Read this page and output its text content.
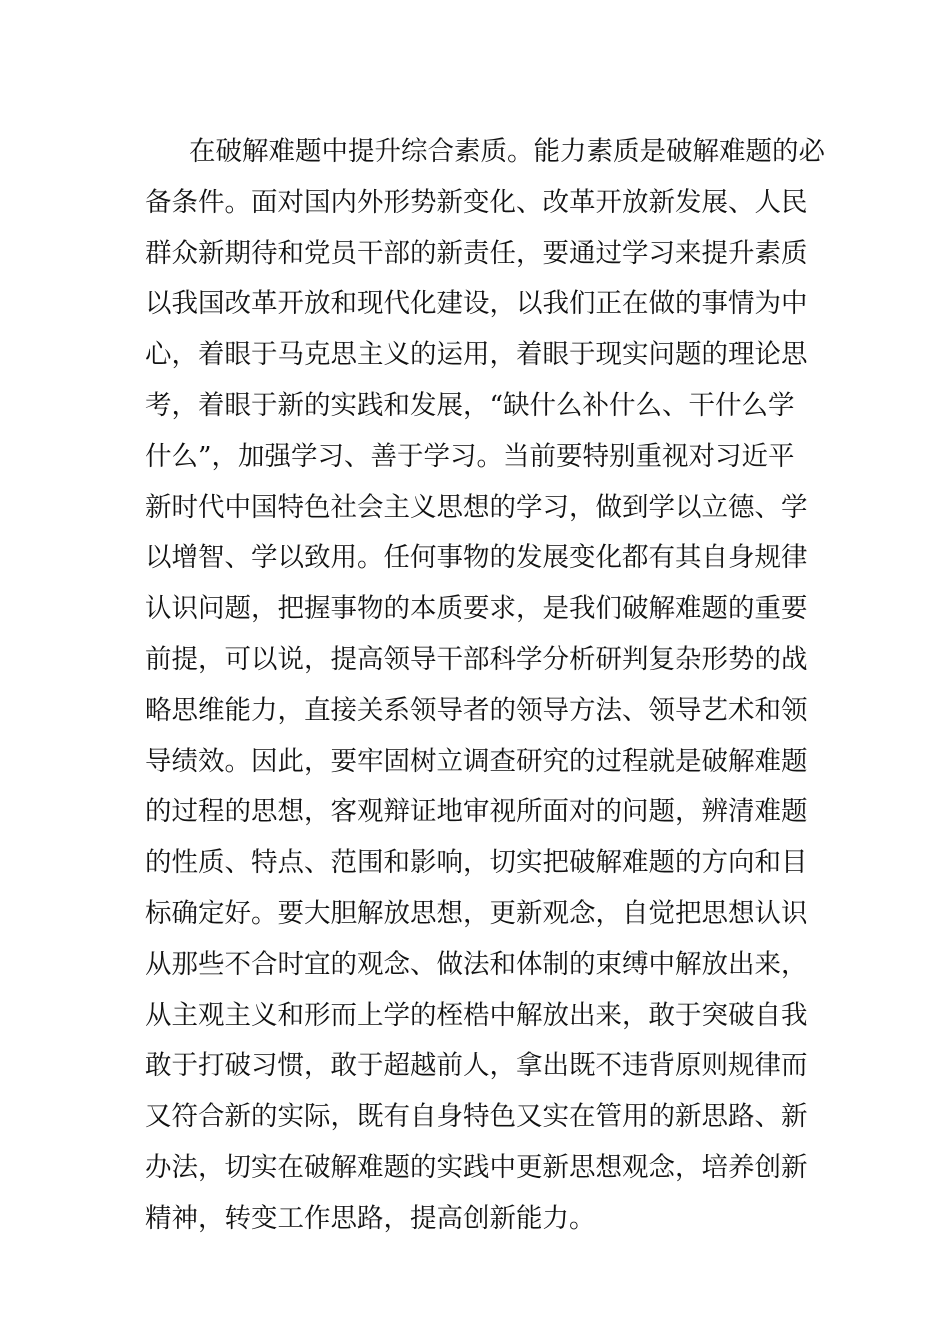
在破解难题中提升综合素质。能力素质是破解难题的必
备条件。面对国内外形势新变化、改革开放新发展、人民
群众新期待和党员干部的新责任，要通过学习来提升素质
以我国改革开放和现代化建设，以我们正在做的事情为中
心，着眼于马克思主义的运用，着眼于现实问题的理论思
考，着眼于新的实践和发展，“缺什么补什么、干什么学
什么”，加强学习、善于学习。当前要特别重视对习近平
新时代中国特色社会主义思想的学习，做到学以立德、学
以增智、学以致用。任何事物的发展变化都有其自身规律
认识问题，把握事物的本质要求，是我们破解难题的重要
前提，可以说，提高领导干部科学分析研判复杂形势的战
略思维能力，直接关系领导者的领导方法、领导艺术和领
导绩效。因此，要牢固树立调查研究的过程就是破解难题
的过程的思想，客观辩证地审视所面对的问题，辨清难题
的性质、特点、范围和影响，切实把破解难题的方向和目
标确定好。要大胆解放思想，更新观念，自觉把思想认识
从那些不合时宜的观念、做法和体制的束缚中解放出来，
从主观主义和形而上学的桎梏中解放出来，敢于突破自我
敢于打破习惯，敢于超越前人，拿出既不违背原则规律而
又符合新的实际，既有自身特色又实在管用的新思路、新
办法，切实在破解难题的实践中更新思想观念，培养创新
精神，转变工作思路，提高创新能力。
